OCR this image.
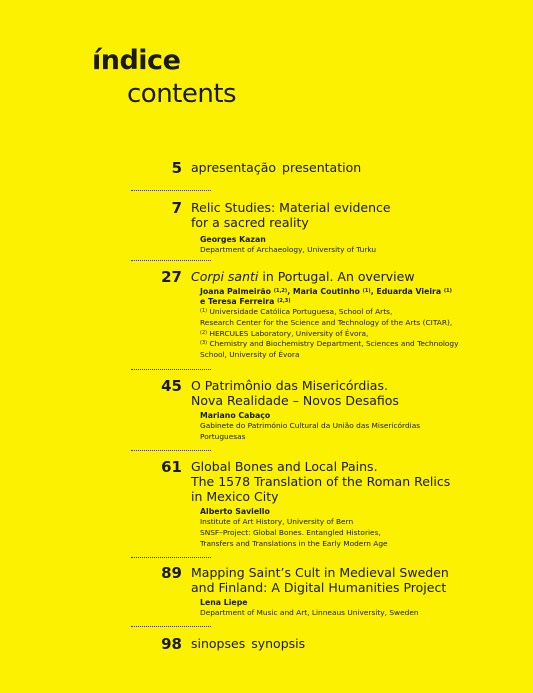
índice
contents
5 apresentação presentation
7 Relic Studies: Material evidence
for a sacred reality
Georges Kazan
Department of Archaeology, University of Turku
27 Corpi santi in Portugal. An overview
Joana Palmeirão $^{(1,2)}$, Maria Coutinho $^{(1)}$, Eduarda Vieira $^{(1)}$
e Teresa Ferreira $^{(2,3)}$
$^{(1)}$ Universidade Católica Portuguesa, School of Arts,
Research Center for the Science and Technology of the Arts (CITAR),
$^{(2)}$ HERCULES Laboratory, University of Évora,
$^{(3)}$ Chemistry and Biochemistry Department, Sciences and Technology
School, University of Évora
45 O Patrimônio das Misericórdias.
Nova Realidade – Novos Desafios
Mariano Cabaço
Gabinete do Património Cultural da União das Misericórdias
Portuguesas
61 Global Bones and Local Pains.
The 1578 Translation of the Roman Relics
in Mexico City
Alberto Saviello
Institute of Art History, University of Bern
SNSF–Project: Global Bones. Entangled Histories,
Transfers and Translations in the Early Modern Age
89 Mapping Saint’s Cult in Medieval Sweden
and Finland: A Digital Humanities Project
Lena Liepe
Department of Music and Art, Linneaus University, Sweden
98 sinopses synopsis
